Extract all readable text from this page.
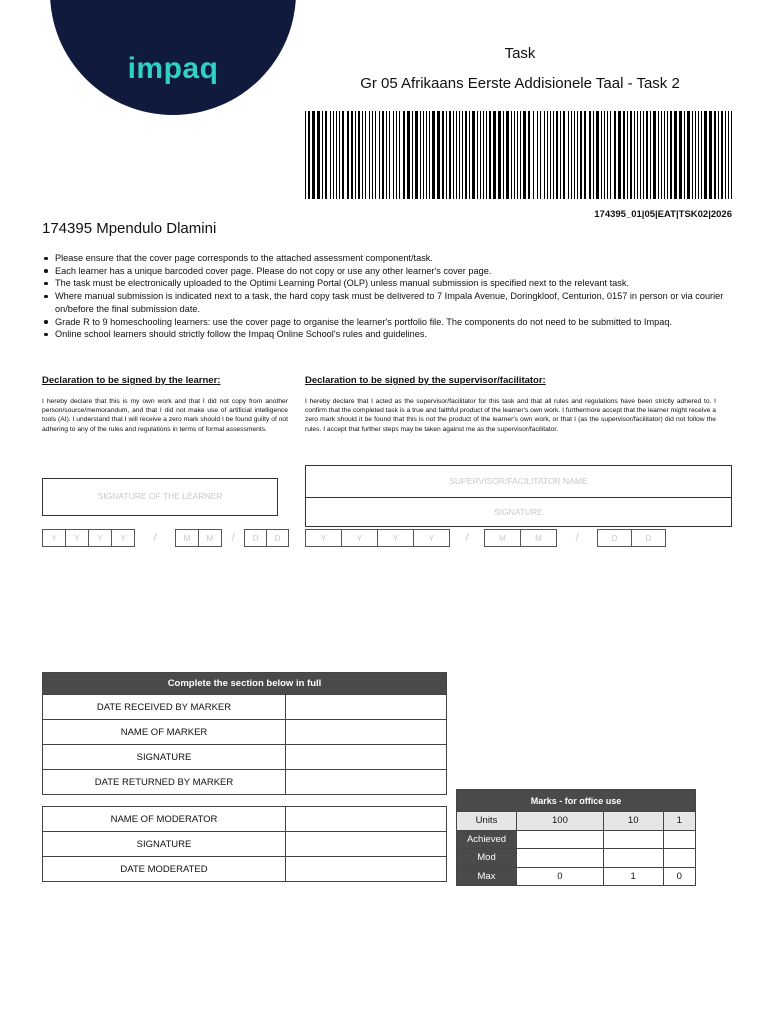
impaq	Task
Gr 05 Afrikaans Eerste Addisionele Taal - Task 2
174395_01|05|EAT|TSK02|2026
174395 Mpendulo Dlamini
Please ensure that the cover page corresponds to the attached assessment component/task.
Each learner has a unique barcoded cover page. Please do not copy or use any other learner's cover page.
The task must be electronically uploaded to the Optimi Learning Portal (OLP) unless manual submission is specified next to the relevant task.
Where manual submission is indicated next to a task, the hard copy task must be delivered to 7 Impala Avenue, Doringkloof, Centurion, 0157 in person or via courier on/before the final submission date.
Grade R to 9 homeschooling learners: use the cover page to organise the learner's portfolio file. The components do not need to be submitted to Impaq.
Online school learners should strictly follow the Impaq Online School's rules and guidelines.
Declaration to be signed by the learner:
I hereby declare that this is my own work and that I did not copy from another person/source/memorandum, and that I did not make use of artificial intelligence tools (AI). I understand that I will receive a zero mark should I be found guilty of not adhering to any of the rules and regulations in terms of formal assessments.
SIGNATURE OF THE LEARNER
Y	Y	Y	Y	/	M	M	/	D	D
Declaration to be signed by the supervisor/facilitator:
I hereby declare that I acted as the supervisor/facilitator for this task and that all rules and regulations have been strictly adhered to. I confirm that the completed task is a true and faithful product of the learner's own work. I furthermore accept that the learner might receive a zero mark should it be found that this is not the product of the learner's own work, or that I (as the supervisor/facilitator) did not follow the rules. I accept that further steps may be taken against me as the supervisor/facilitator.
SUPERVISOR/FACILITATOR NAME
SIGNATURE
Y	Y	Y	Y	/	M	M	/	D	D
Complete the section below in full	
DATE RECEIVED BY MARKER	
NAME OF MARKER	
SIGNATURE	
DATE RETURNED BY MARKER	
NAME OF MODERATOR	
SIGNATURE	
DATE MODERATED	
Marks - for office use			
Units	100	10	1
Achieved			
Mod			
Max	0	1	0
